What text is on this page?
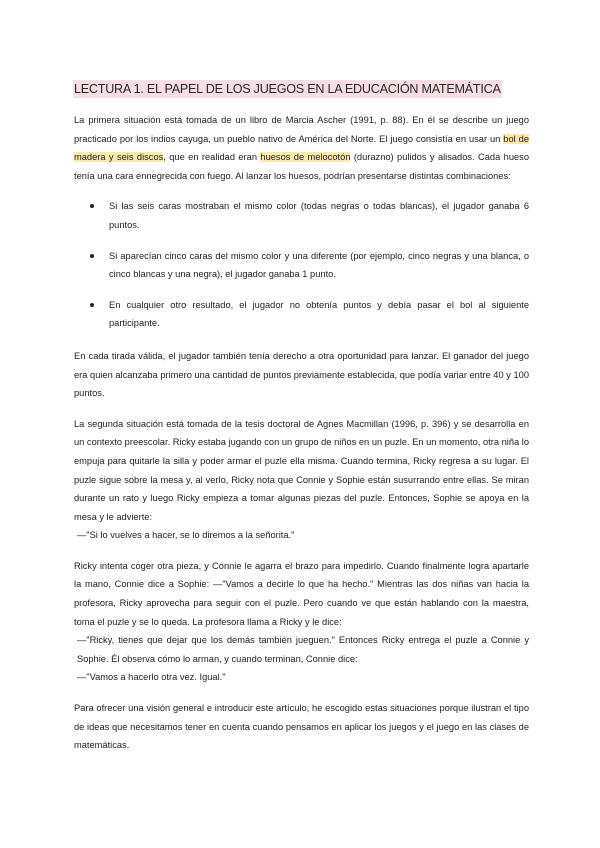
LECTURA 1. EL PAPEL DE LOS JUEGOS EN LA EDUCACIÓN MATEMÁTICA

La primera situación está tomada de un libro de Marcia Ascher (1991, p. 88). En él se describe un juego practicado por los indios cayuga, un pueblo nativo de América del Norte. El juego consistía en usar un bol de madera y seis discos, que en realidad eran huesos de melocotón (durazno) pulidos y alisados. Cada hueso tenía una cara ennegrecida con fuego. Al lanzar los huesos, podrían presentarse distintas combinaciones:

Si las seis caras mostraban el mismo color (todas negras o todas blancas), el jugador ganaba 6 puntos.
Si aparecían cinco caras del mismo color y una diferente (por ejemplo, cinco negras y una blanca, o cinco blancas y una negra), el jugador ganaba 1 punto.
En cualquier otro resultado, el jugador no obtenía puntos y debía pasar el bol al siguiente participante.

En cada tirada válida, el jugador también tenía derecho a otra oportunidad para lanzar. El ganador del juego era quien alcanzaba primero una cantidad de puntos previamente establecida, que podía variar entre 40 y 100 puntos.

La segunda situación está tomada de la tesis doctoral de Agnes Macmillan (1996, p. 396) y se desarrolla en un contexto preescolar. Ricky estaba jugando con un grupo de niños en un puzle. En un momento, otra niña lo empuja para quitarle la silla y poder armar el puzle ella misma. Cuando termina, Ricky regresa a su lugar. El puzle sigue sobre la mesa y, al verlo, Ricky nota que Connie y Sophie están susurrando entre ellas. Se miran durante un rato y luego Ricky empieza a tomar algunas piezas del puzle. Entonces, Sophie se apoya en la mesa y le advierte:
—"Si lo vuelves a hacer, se lo diremos a la señorita."

Ricky intenta coger otra pieza, y Connie le agarra el brazo para impedirlo. Cuando finalmente logra apartarle la mano, Connie dice a Sophie: —"Vamos a decirle lo que ha hecho." Mientras las dos niñas van hacia la profesora, Ricky aprovecha para seguir con el puzle. Pero cuando ve que están hablando con la maestra, toma el puzle y se lo queda. La profesora llama a Ricky y le dice:
—"Ricky, tienes que dejar que los demás también jueguen." Entonces Ricky entrega el puzle a Connie y Sophie. Él observa cómo lo arman, y cuando terminan, Connie dice:
—"Vamos a hacerlo otra vez. Igual."

Para ofrecer una visión general e introducir este artículo, he escogido estas situaciones porque ilustran el tipo de ideas que necesitamos tener en cuenta cuando pensamos en aplicar los juegos y el juego en las clases de matemáticas.
